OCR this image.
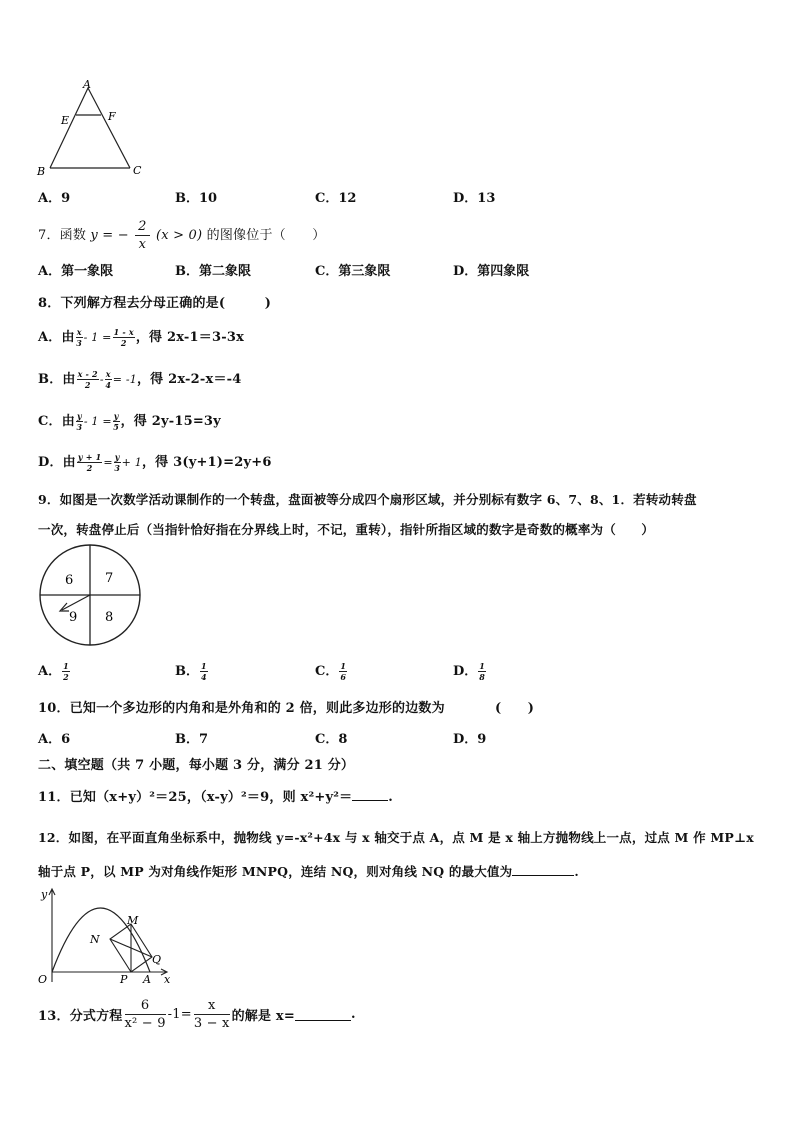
A
E	F
B	C
A．9	B．10	C．12	D．13
7．函数 y = − $\frac{2}{x} (x > 0)$ 的图像位于（　　）
A．第一象限	B．第二象限	C．第三象限	D．第四象限
8．下列解方程去分母正确的是(　　　)
A．由 $\frac{x}{3} - 1 = \frac{1 - x}{2}$ ，得 2x-1＝3-3x
B．由 $\frac{x - 2}{2} - \frac{x}{4} = -1$，得 2x-2-x＝-4
C．由 $\frac{y}{3} - 1 = \frac{y}{5}$ ，得 2y-15=3y
D．由 $\frac{y + 1}{2} = \frac{y}{3} + 1$，得 3(y+1)=2y+6
9．如图是一次数学活动课制作的一个转盘，盘面被等分成四个扇形区域，并分别标有数字 6、7、8、1．若转动转盘
一次，转盘停止后（当指针恰好指在分界线上时，不记，重转），指针所指区域的数字是奇数的概率为（　　）
6 7
9 8
A． $\frac{1}{2}$	B． $\frac{1}{4}$	C． $\frac{1}{6}$	D． $\frac{1}{8}$
10．已知一个多边形的内角和是外角和的 2 倍，则此多边形的边数为	(　　)
A．6	B．7	C．8	D．9
二、填空题（共 7 小题，每小题 3 分，满分 21 分）
11．已知（x+y）²＝25，（x-y）²＝9，则 x²+y²＝	.
12．如图，在平面直角坐标系中，抛物线 y=-x²+4x 与 x 轴交于点 A，点 M 是 x 轴上方抛物线上一点，过点 M 作 MP⊥x
轴于点 P，以 MP 为对角线作矩形 MNPQ，连结 NQ，则对角线 NQ 的最大值为	.
y
x
O
M
N
Q
P A
13．分式方程
6
x² − 9
$-1= \frac{x}{3 - x}$ 的解是 x=	.
